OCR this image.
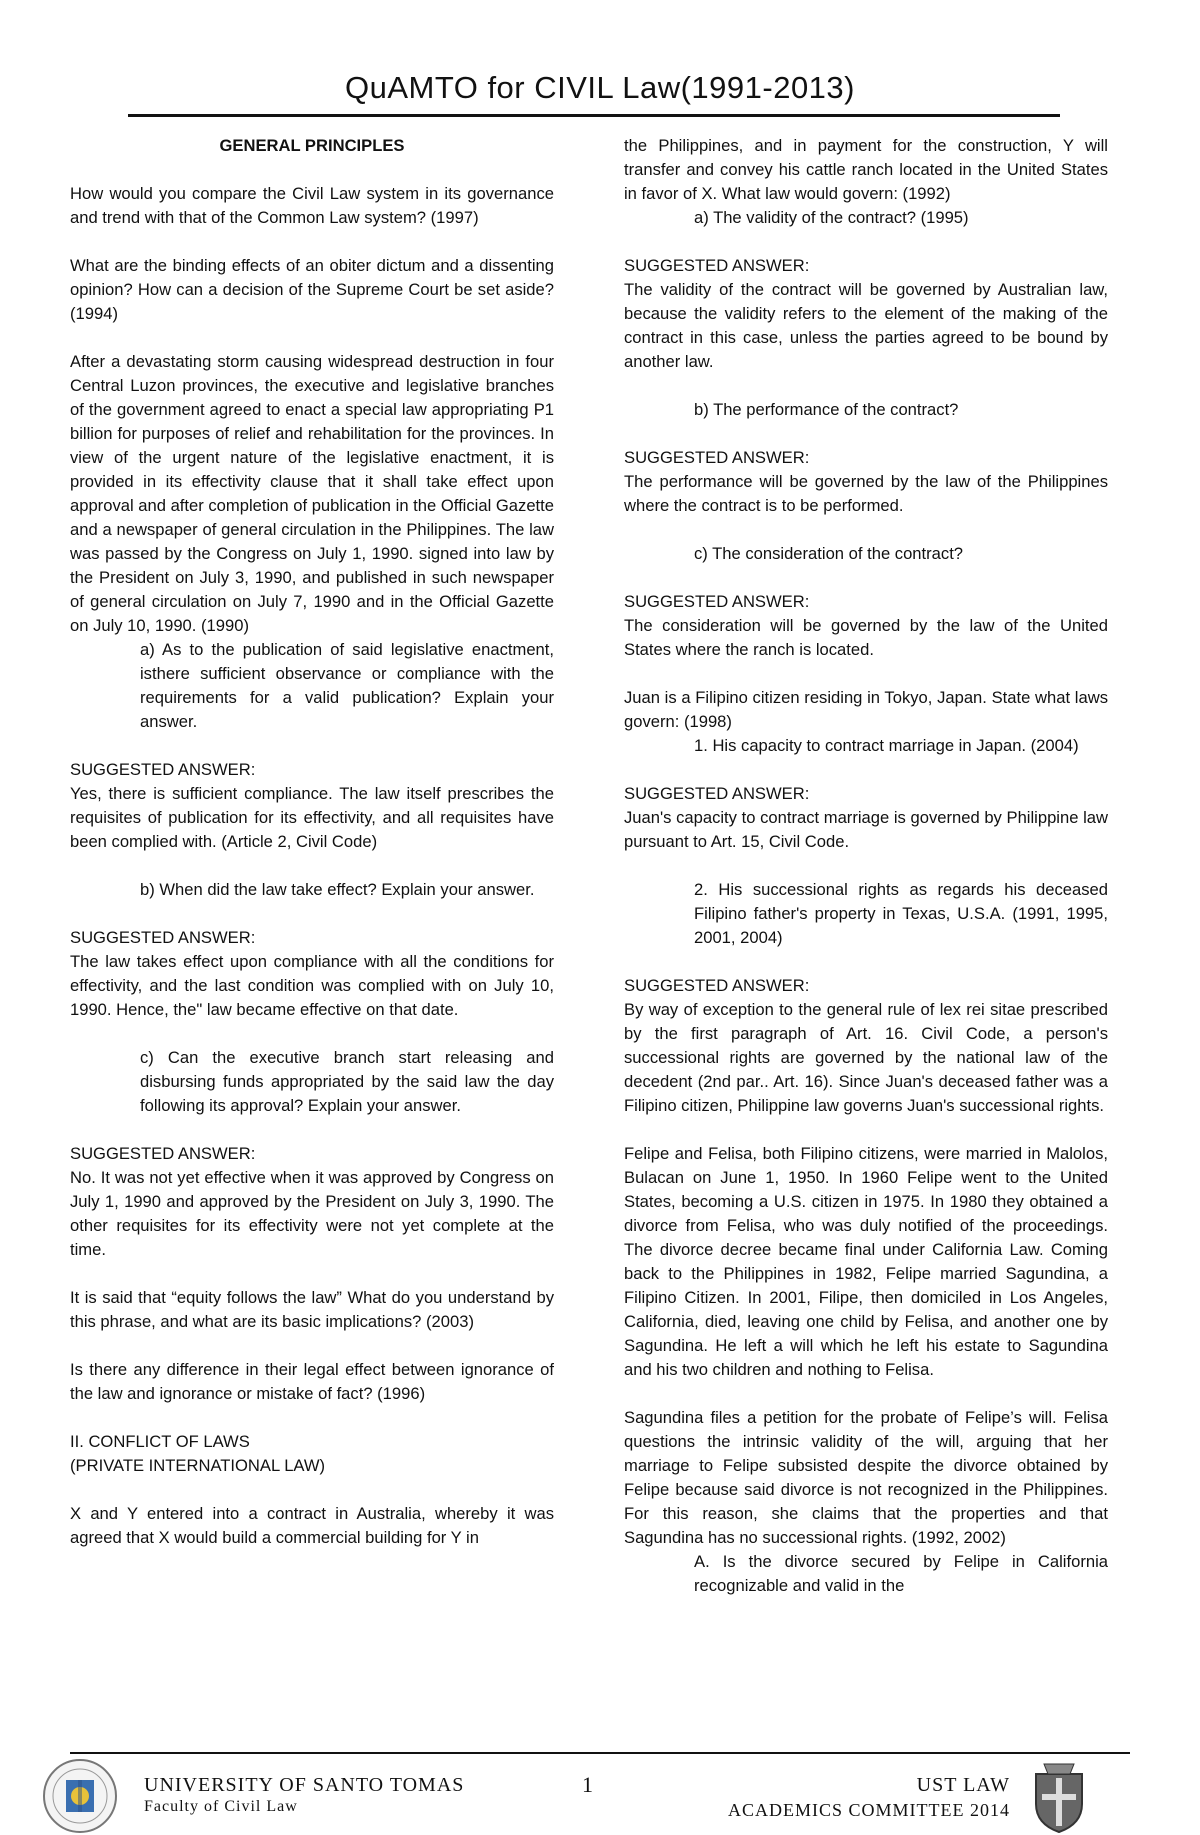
QuAMTO for CIVIL Law(1991-2013)

GENERAL PRINCIPLES

How would you compare the Civil Law system in its governance and trend with that of the Common Law system? (1997)

What are the binding effects of an obiter dictum and a dissenting opinion? How can a decision of the Supreme Court be set aside? (1994)

After a devastating storm causing widespread destruction in four Central Luzon provinces, the executive and legislative branches of the government agreed to enact a special law appropriating P1 billion for purposes of relief and rehabilitation for the provinces. In view of the urgent nature of the legislative enactment, it is provided in its effectivity clause that it shall take effect upon approval and after completion of publication in the Official Gazette and a newspaper of general circulation in the Philippines. The law was passed by the Congress on July 1, 1990. signed into law by the President on July 3, 1990, and published in such newspaper of general circulation on July 7, 1990 and in the Official Gazette on July 10, 1990. (1990)

a) As to the publication of said legislative enactment, isthere sufficient observance or compliance with the requirements for a valid publication? Explain your answer.

SUGGESTED ANSWER:

Yes, there is sufficient compliance. The law itself prescribes the requisites of publication for its effectivity, and all requisites have been complied with. (Article 2, Civil Code)

b) When did the law take effect? Explain your answer.

SUGGESTED ANSWER:

The law takes effect upon compliance with all the conditions for effectivity, and the last condition was complied with on July 10, 1990. Hence, the" law became effective on that date.

c) Can the executive branch start releasing and disbursing funds appropriated by the said law the day following its approval? Explain your answer.

SUGGESTED ANSWER:

No. It was not yet effective when it was approved by Congress on July 1, 1990 and approved by the President on July 3, 1990. The other requisites for its effectivity were not yet complete at the time.

It is said that “equity follows the law” What do you understand by this phrase, and what are its basic implications? (2003)

Is there any difference in their legal effect between ignorance of the law and ignorance or mistake of fact? (1996)

II. CONFLICT OF LAWS

(PRIVATE INTERNATIONAL LAW)

X and Y entered into a contract in Australia, whereby it was agreed that X would build a commercial building for Y in

the Philippines, and in payment for the construction, Y will transfer and convey his cattle ranch located in the United States in favor of X. What law would govern: (1992)

a) The validity of the contract? (1995)

SUGGESTED ANSWER:

The validity of the contract will be governed by Australian law, because the validity refers to the element of the making of the contract in this case, unless the parties agreed to be bound by another law.

b) The performance of the contract?

SUGGESTED ANSWER:

The performance will be governed by the law of the Philippines where the contract is to be performed.

c) The consideration of the contract?

SUGGESTED ANSWER:

The consideration will be governed by the law of the United States where the ranch is located.

Juan is a Filipino citizen residing in Tokyo, Japan. State what laws govern: (1998)

1. His capacity to contract marriage in Japan. (2004)

SUGGESTED ANSWER:

Juan's capacity to contract marriage is governed by Philippine law pursuant to Art. 15, Civil Code.

2. His successional rights as regards his deceased Filipino father's property in Texas, U.S.A. (1991, 1995, 2001, 2004)

SUGGESTED ANSWER:

By way of exception to the general rule of lex rei sitae prescribed by the first paragraph of Art. 16. Civil Code, a person's successional rights are governed by the national law of the decedent (2nd par.. Art. 16). Since Juan's deceased father was a Filipino citizen, Philippine law governs Juan's successional rights.

Felipe and Felisa, both Filipino citizens, were married in Malolos, Bulacan on June 1, 1950. In 1960 Felipe went to the United States, becoming a U.S. citizen in 1975. In 1980 they obtained a divorce from Felisa, who was duly notified of the proceedings. The divorce decree became final under California Law. Coming back to the Philippines in 1982, Felipe married Sagundina, a Filipino Citizen. In 2001, Filipe, then domiciled in Los Angeles, California, died, leaving one child by Felisa, and another one by Sagundina. He left a will which he left his estate to Sagundina and his two children and nothing to Felisa.

Sagundina files a petition for the probate of Felipe’s will. Felisa questions the intrinsic validity of the will, arguing that her marriage to Felipe subsisted despite the divorce obtained by Felipe because said divorce is not recognized in the Philippines. For this reason, she claims that the properties and that Sagundina has no successional rights. (1992, 2002)

A. Is the divorce secured by Felipe in California recognizable and valid in the

UNIVERSITY OF SANTO TOMAS
Faculty of Civil Law
1	UST LAW
ACADEMICS COMMITTEE 2014
